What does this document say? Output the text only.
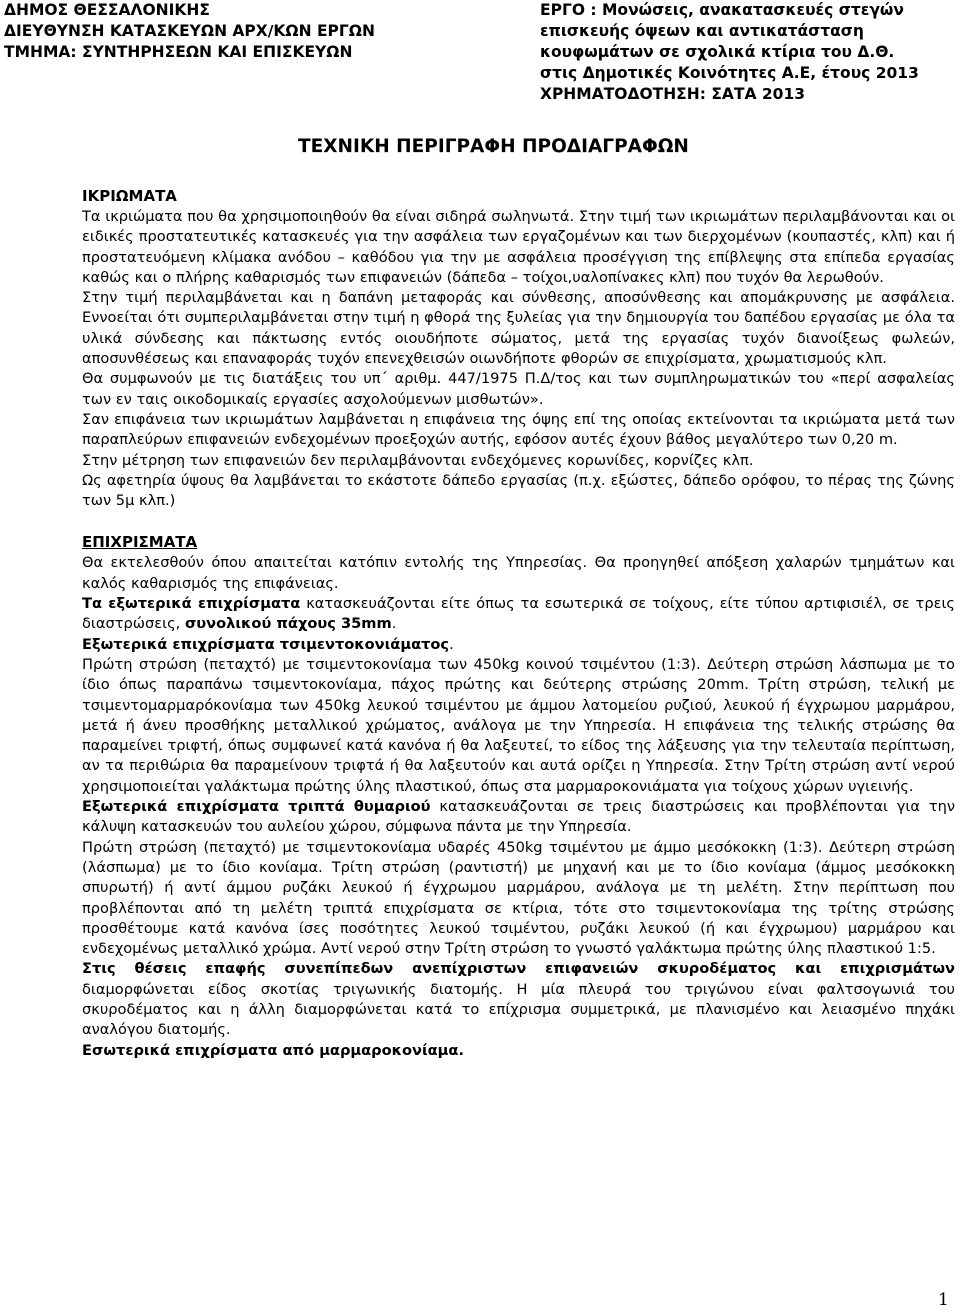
ΔΗΜΟΣ ΘΕΣΣΑΛΟΝΙΚΗΣ
ΔΙΕΥΘΥΝΣΗ ΚΑΤΑΣΚΕΥΩΝ ΑΡΧ/ΚΩΝ ΕΡΓΩΝ
ΤΜΗΜΑ: ΣΥΝΤΗΡΗΣΕΩΝ ΚΑΙ ΕΠΙΣΚΕΥΩΝ
ΕΡΓΟ : Μονώσεις, ανακατασκευές στεγών
επισκευής όψεων και αντικατάσταση
κουφωμάτων σε σχολικά κτίρια του Δ.Θ.
στις Δημοτικές Κοινότητες Α.Ε, έτους 2013
ΧΡΗΜΑΤΟΔΟΤΗΣΗ: ΣΑΤΑ 2013
ΤΕΧΝΙΚΗ ΠΕΡΙΓΡΑΦΗ ΠΡΟΔΙΑΓΡΑΦΩΝ
ΙΚΡΙΩΜΑΤΑ

Τα ικριώματα που θα χρησιμοποιηθούν θα είναι σιδηρά σωληνωτά. Στην τιμή των ικριωμάτων περιλαμβάνονται και οι ειδικές προστατευτικές κατασκευές για την ασφάλεια των εργαζομένων και των διερχομένων (κουπαστές, κλπ) και ή προστατευόμενη κλίμακα ανόδου – καθόδου για την με ασφάλεια προσέγγιση της επίβλεψης στα επίπεδα εργασίας καθώς και ο πλήρης καθαρισμός των επιφανειών (δάπεδα – τοίχοι,υαλοπίνακες κλπ) που τυχόν θα λερωθούν.

Στην τιμή περιλαμβάνεται και η δαπάνη μεταφοράς και σύνθεσης, αποσύνθεσης και απομάκρυνσης με ασφάλεια. Εννοείται ότι συμπεριλαμβάνεται στην τιμή η φθορά της ξυλείας για την δημιουργία του δαπέδου εργασίας με όλα τα υλικά σύνδεσης και πάκτωσης εντός οιουδήποτε σώματος, μετά της εργασίας τυχόν διανοίξεως φωλεών, αποσυνθέσεως και επαναφοράς τυχόν επενεχθεισών οιωνδήποτε φθορών σε επιχρίσματα, χρωματισμούς κλπ.

Θα συμφωνούν με τις διατάξεις του υπ΄ αριθμ. 447/1975 Π.Δ/τος και των συμπληρωματικών του «περί ασφαλείας των εν ταις οικοδομικαίς εργασίες ασχολούμενων μισθωτών».

Σαν επιφάνεια των ικριωμάτων λαμβάνεται η επιφάνεια της όψης επί της οποίας εκτείνονται τα ικριώματα μετά των παραπλεύρων επιφανειών ενδεχομένων προεξοχών αυτής, εφόσον αυτές έχουν βάθος μεγαλύτερο των 0,20 m.

Στην μέτρηση των επιφανειών δεν περιλαμβάνονται ενδεχόμενες κορωνίδες, κορνίζες κλπ.

Ως αφετηρία ύψους θα λαμβάνεται το εκάστοτε δάπεδο εργασίας (π.χ. εξώστες, δάπεδο ορόφου, το πέρας της ζώνης των 5μ κλπ.)

ΕΠΙΧΡΙΣΜΑΤΑ

Θα εκτελεσθούν όπου απαιτείται κατόπιν εντολής της Υπηρεσίας. Θα προηγηθεί απόξεση χαλαρών τμημάτων και καλός καθαρισμός της επιφάνειας.

Τα εξωτερικά επιχρίσματα κατασκευάζονται είτε όπως τα εσωτερικά σε τοίχους, είτε τύπου αρτιφισιέλ, σε τρεις διαστρώσεις, συνολικού πάχους 35mm.

Εξωτερικά επιχρίσματα τσιμεντοκονιάματος.

Πρώτη στρώση (πεταχτό) με τσιμεντοκονίαμα των 450kg κοινού τσιμέντου (1:3). Δεύτερη στρώση λάσπωμα με το ίδιο όπως παραπάνω τσιμεντοκονίαμα, πάχος πρώτης και δεύτερης στρώσης 20mm. Τρίτη στρώση, τελική με τσιμεντομαρμαρόκονίαμα των 450kg λευκού τσιμέντου με άμμου λατομείου ρυζιού, λευκού ή έγχρωμου μαρμάρου, μετά ή άνευ προσθήκης μεταλλικού χρώματος, ανάλογα με την Υπηρεσία. Η επιφάνεια της τελικής στρώσης θα παραμείνει τριφτή, όπως συμφωνεί κατά κανόνα ή θα λαξευτεί, το είδος της λάξευσης για την τελευταία περίπτωση, αν τα περιθώρια θα παραμείνουν τριφτά ή θα λαξευτούν και αυτά ορίζει η Υπηρεσία. Στην Τρίτη στρώση αντί νερού χρησιμοποιείται γαλάκτωμα πρώτης ύλης πλαστικού, όπως στα μαρμαροκονιάματα για τοίχους χώρων υγιεινής.

Εξωτερικά επιχρίσματα τριπτά θυμαριού κατασκευάζονται σε τρεις διαστρώσεις και προβλέπονται για την κάλυψη κατασκευών του αυλείου χώρου, σύμφωνα πάντα με την Υπηρεσία.

Πρώτη στρώση (πεταχτό) με τσιμεντοκονίαμα υδαρές 450kg τσιμέντου με άμμο μεσόκοκκη (1:3). Δεύτερη στρώση (λάσπωμα) με το ίδιο κονίαμα. Τρίτη στρώση (ραντιστή) με μηχανή και με το ίδιο κονίαμα (άμμος μεσόκοκκη σπυρωτή) ή αντί άμμου ρυζάκι λευκού ή έγχρωμου μαρμάρου, ανάλογα με τη μελέτη. Στην περίπτωση που προβλέπονται από τη μελέτη τριπτά επιχρίσματα σε κτίρια, τότε στο τσιμεντοκονίαμα της τρίτης στρώσης προσθέτουμε κατά κανόνα ίσες ποσότητες λευκού τσιμέντου, ρυζάκι λευκού (ή και έγχρωμου) μαρμάρου και ενδεχομένως μεταλλικό χρώμα. Αντί νερού στην Τρίτη στρώση το γνωστό γαλάκτωμα πρώτης ύλης πλαστικού 1:5.

Στις θέσεις επαφής συνεπίπεδων ανεπίχριστων επιφανειών σκυροδέματος και επιχρισμάτων διαμορφώνεται είδος σκοτίας τριγωνικής διατομής. Η μία πλευρά του τριγώνου είναι φαλτσογωνιά του σκυροδέματος και η άλλη διαμορφώνεται κατά το επίχρισμα συμμετρικά, με πλανισμένο και λειασμένο πηχάκι αναλόγου διατομής.

Εσωτερικά επιχρίσματα από μαρμαροκονίαμα.

1
